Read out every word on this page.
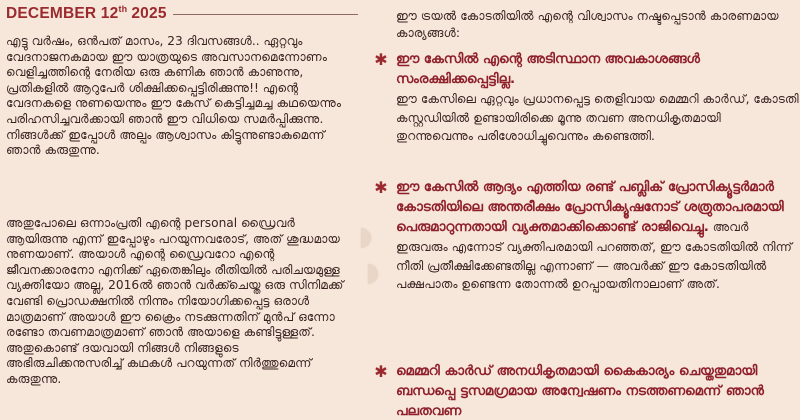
DECEMBER 12th 2025

എട്ടു വർഷം, ഒൻപത് മാസം, 23 ദിവസങ്ങൾ.. ഏറ്റവും വേദനാജനകമായ ഈ യാത്രയുടെ അവസാനമെന്നോണം വെളിച്ചത്തിന്റെ നേരിയ ഒരു കണിക ഞാൻ കാണുന്നു, പ്രതികളിൽ ആറുപേർ ശിക്ഷിക്കപ്പെട്ടിരിക്കുന്നു!! എന്റെ വേദനകളെ നുണയെന്നും ഈ കേസ് കെട്ടിച്ചമച്ച കഥയെന്നും പരിഹസിച്ചവർക്കായി ഞാൻ ഈ വിധിയെ സമർപ്പിക്കുന്നു. നിങ്ങൾക്ക് ഇപ്പോൾ അല്പം ആശ്വാസം കിട്ടുന്നുണ്ടാകുമെന്ന് ഞാൻ കരുതുന്നു.

അതുപോലെ ഒന്നാംപ്രതി എന്റെ personal ഡ്രൈവർ ആയിരുന്നു എന്ന് ഇപ്പോഴും പറയുന്നവരോട്, അത് ശുദ്ധമായ നുണയാണ്. അയാൾ എന്റെ ഡ്രൈവറോ എന്റെ ജീവനക്കാരനോ എനിക്ക് ഏതെങ്കിലും രീതിയിൽ പരിചയമുള്ള വ്യക്തിയോ അല്ല, 2016ൽ ഞാൻ വർക്ക്ചെയ്ത ഒരു സിനിമക്ക് വേണ്ടി പ്രൊഡക്ഷനിൽ നിന്നും നിയോഗിക്കപ്പെട്ട ഒരാൾ മാത്രമാണ് അയാൾ ഈ ക്രൈം നടക്കുന്നതിന് മുൻപ് ഒന്നോ രണ്ടോ തവണമാത്രമാണ് ഞാൻ അയാളെ കണ്ടിട്ടുള്ളത്. അതുകൊണ്ട് ദയവായി നിങ്ങൾ നിങ്ങളുടെ അഭിരുചിക്കനുസരിച്ച് കഥകൾ പറയുന്നത് നിർത്തുമെന്ന് കരുതുന്നു.

ഈ ട്രയൽ കോടതിയിൽ എന്റെ വിശ്വാസം നഷ്ടപ്പെടാൻ കാരണമായ കാര്യങ്ങൾ:

✱ ഈ കേസിൽ എന്റെ അടിസ്ഥാന അവകാശങ്ങൾ സംരക്ഷിക്കപ്പെട്ടില്ല.

ഈ കേസിലെ ഏറ്റവും പ്രധാനപ്പെട്ട തെളിവായ മെമ്മറി കാർഡ്, കോടതി കസ്റ്റഡിയിൽ ഉണ്ടായിരിക്കെ മൂന്നു തവണ അനധികൃതമായി തുറന്നുവെന്നും പരിശോധിച്ചുവെന്നും കണ്ടെത്തി.

✱ ഈ കേസിൽ ആദ്യം എത്തിയ രണ്ട് പബ്ലിക് പ്രോസിക്യൂട്ടർമാർ കോടതിയിലെ അന്തരീക്ഷം പ്രോസിക്യൂഷനോട് ശത്രുതാപരമായി പെരുമാറുന്നതായി വ്യക്തമാക്കിക്കൊണ്ട് രാജിവെച്ചു. അവർ ഇരുവരും എന്നോട് വ്യക്തിപരമായി പറഞ്ഞത്, ഈ കോടതിയിൽ നിന്ന് നീതി പ്രതീക്ഷിക്കേണ്ടതില്ല എന്നാണ് — അവർക്ക് ഈ കോടതിയിൽ പക്ഷപാതം ഉണ്ടെന്ന തോന്നൽ ഉറപ്പായതിനാലാണ് അത്.

✱ മെമ്മറി കാർഡ് അനധികൃതമായി കൈകാര്യം ചെയ്തതുമായി ബന്ധപ്പെ ട്ടസമഗ്രമായ അന്വേഷണം നടത്തണമെന്ന് ഞാൻ പലതവണ
